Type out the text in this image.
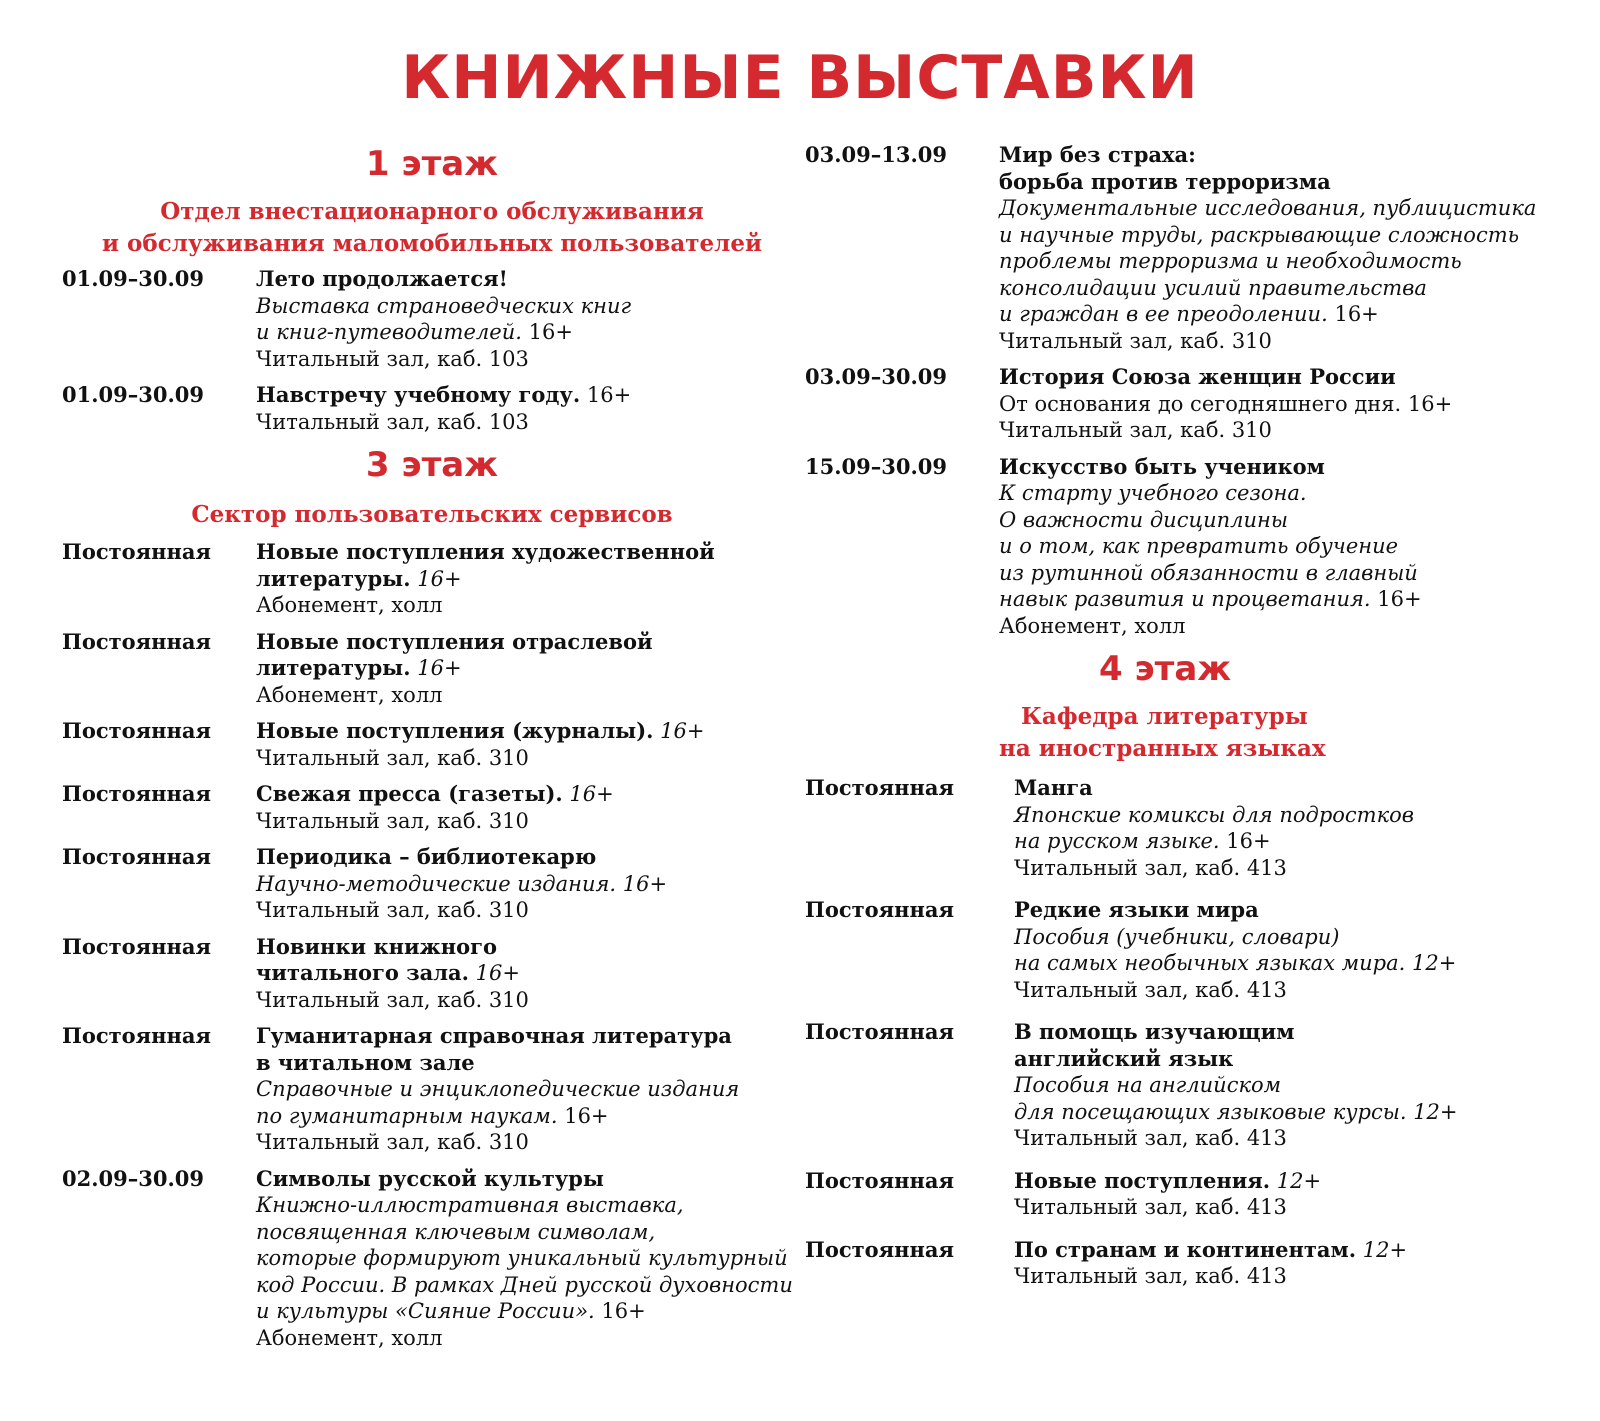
КНИЖНЫЕ ВЫСТАВКИ
1 этаж
Отдел внестационарного обслуживания
и обслуживания маломобильных пользователей
01.09–30.09	Лето продолжается!
Выставка страноведческих книг
и книг-путеводителей. 16+
Читальный зал, каб. 103
01.09–30.09	Навстречу учебному году. 16+
Читальный зал, каб. 103
3 этаж
Сектор пользовательских сервисов
Постоянная	Новые поступления художественной
литературы. 16+
Абонемент, холл
Постоянная	Новые поступления отраслевой
литературы. 16+
Абонемент, холл
Постоянная	Новые поступления (журналы). 16+
Читальный зал, каб. 310
Постоянная	Свежая пресса (газеты). 16+
Читальный зал, каб. 310
Постоянная	Периодика – библиотекарю
Научно-методические издания. 16+
Читальный зал, каб. 310
Постоянная	Новинки книжного
читального зала. 16+
Читальный зал, каб. 310
Постоянная	Гуманитарная справочная литература
в читальном зале
Справочные и энциклопедические издания
по гуманитарным наукам. 16+
Читальный зал, каб. 310
02.09–30.09	Символы русской культуры
Книжно-иллюстративная выставка,
посвященная ключевым символам,
которые формируют уникальный культурный
код России. В рамках Дней русской духовности
и культуры «Сияние России». 16+
Абонемент, холл
03.09–13.09	Мир без страха:
борьба против терроризма
Документальные исследования, публицистика
и научные труды, раскрывающие сложность
проблемы терроризма и необходимость
консолидации усилий правительства
и граждан в ее преодолении. 16+
Читальный зал, каб. 310
03.09–30.09	История Союза женщин России
От основания до сегодняшнего дня. 16+
Читальный зал, каб. 310
15.09–30.09	Искусство быть учеником
К старту учебного сезона.
О важности дисциплины
и о том, как превратить обучение
из рутинной обязанности в главный
навык развития и процветания. 16+
Абонемент, холл
4 этаж
Кафедра литературы
на иностранных языках
Постоянная	Манга
Японские комиксы для подростков
на русском языке. 16+
Читальный зал, каб. 413
Постоянная	Редкие языки мира
Пособия (учебники, словари)
на самых необычных языках мира. 12+
Читальный зал, каб. 413
Постоянная	В помощь изучающим
английский язык
Пособия на английском
для посещающих языковые курсы. 12+
Читальный зал, каб. 413
Постоянная	Новые поступления. 12+
Читальный зал, каб. 413
Постоянная	По странам и континентам. 12+
Читальный зал, каб. 413
